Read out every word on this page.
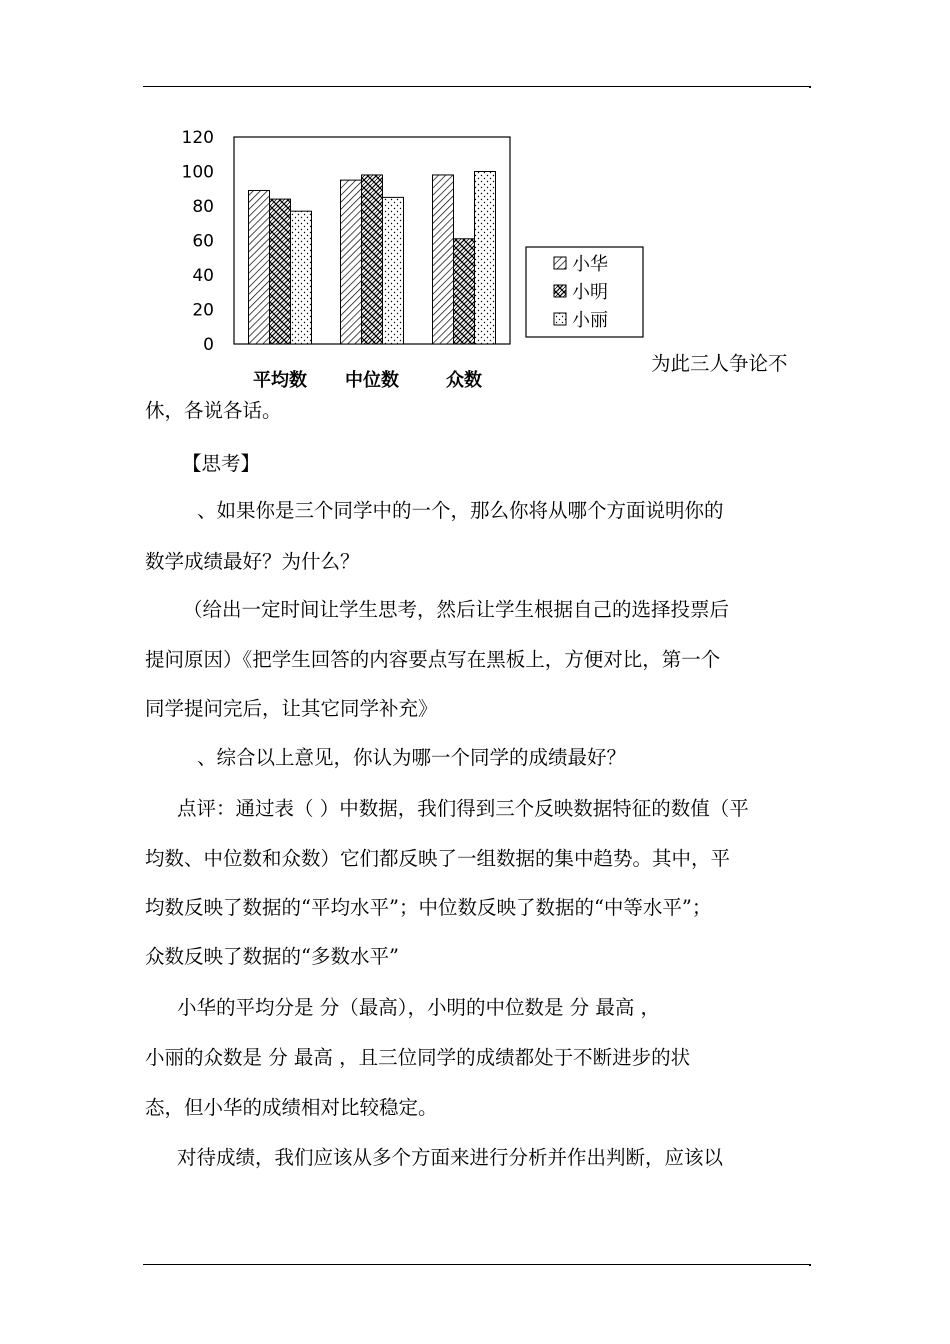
0
20
40
60
80
100
120
平均数 中位数	众数
小华
小明
小丽
为此三人争论不
休，各说各话。
【思考】
、如果你是三个同学中的一个，那么你将从哪个方面说明你的
数学成绩最好？为什么？
（给出一定时间让学生思考，然后让学生根据自己的选择投票后
提问原因）《把学生回答的内容要点写在黑板上，方便对比，第一个
同学提问完后，让其它同学补充》
、综合以上意见，你认为哪一个同学的成绩最好？
点评：通过表（ ）中数据，我们得到三个反映数据特征的数值（平
均数、中位数和众数）它们都反映了一组数据的集中趋势。其中，平
均数反映了数据的“平均水平”；中位数反映了数据的“中等水平”；
众数反映了数据的“多数水平”
小华的平均分是 分（最高），小明的中位数是 分 最高 ，
小丽的众数是 分 最高 ，且三位同学的成绩都处于不断进步的状
态，但小华的成绩相对比较稳定。
对待成绩，我们应该从多个方面来进行分析并作出判断，应该以
